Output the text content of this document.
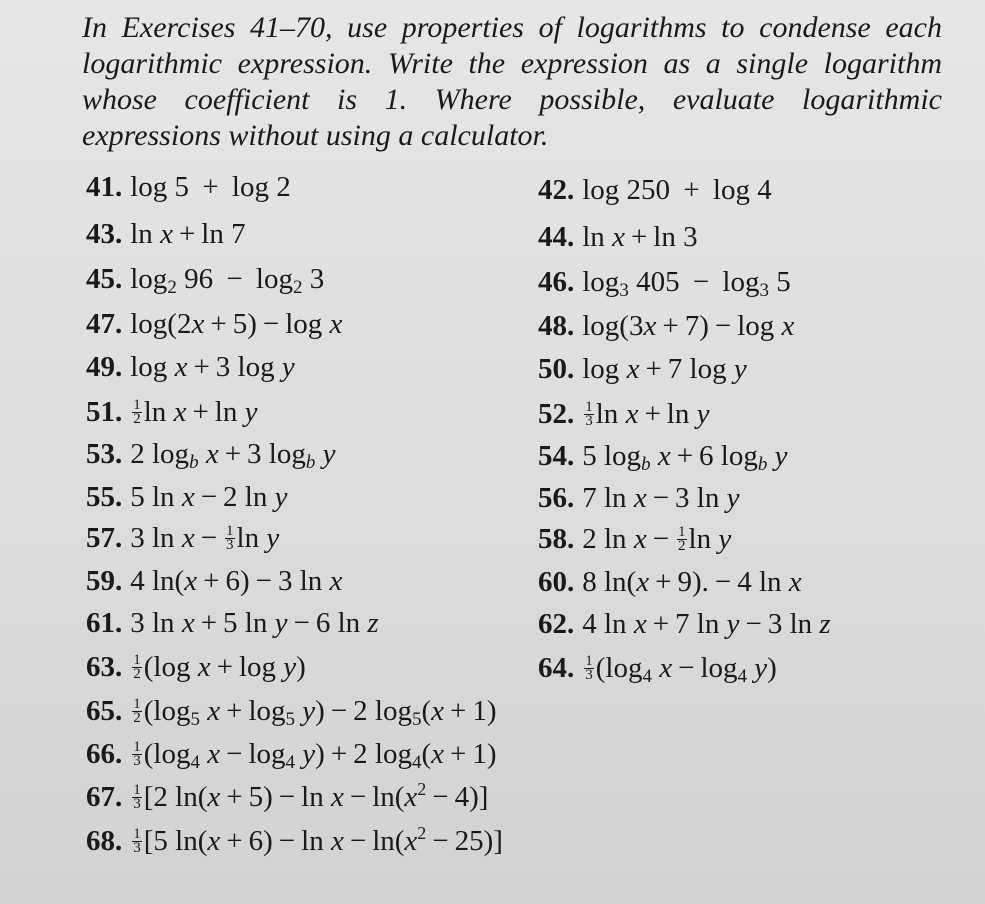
In Exercises 41–70, use properties of logarithms to condense each
logarithmic expression. Write the expression as a single logarithm
whose coefficient is 1. Where possible, evaluate logarithmic
expressions without using a calculator.
41. log 5 + log 2	42. log 250 + log 4
43. ln x + ln 7	44. ln x + ln 3
45. $\log_2 96 - \log_2 3$	46. $\log_3 405 - \log_3 5$
47. log(2x + 5) − log x	48. log(3x + 7) − log x
49. log x + 3 log y	50. log x + 7 log y
51. $\frac{1}{2}$ ln x + ln y	52. $\frac{1}{3}$ ln x + ln y
53. 2 $\log_b x + 3$ $\log_b y$	54. 5 $\log_b x + 6$ $\log_b y$
55. 5 ln x − 2 ln y	56. 7 ln x − 3 ln y
57. 3 $\ln x - \frac{1}{3}$ ln y	58. 2 $\ln x - \frac{1}{2}$ ln y
59. 4 ln(x + 6) − 3 ln x	60. 8 ln(x + 9). − 4 ln x
61. 3 ln x + 5 ln y − 6 ln z	62. 4 ln x + 7 ln y − 3 ln z
63. $\frac{1}{2} (\log$ x + log y)	64. $\frac{1}{3} (\log_4$ $x - \log_4 y$)
65. $\frac{1}{2} (\log_5$ $x + \log_5 y) - 2$ $\log_5(x + 1)$
66. $\frac{1}{3} (\log_4$ $x - \log_4 y) + 2$ $\log_4(x + 1)$
67. $\frac{1}{3} [2$ $\ln(x + 5) - \ln x - \ln(x^2 - 4)$]
68. $\frac{1}{3} [5$ $\ln(x + 6) - \ln x - \ln(x^2 - 25)$]
